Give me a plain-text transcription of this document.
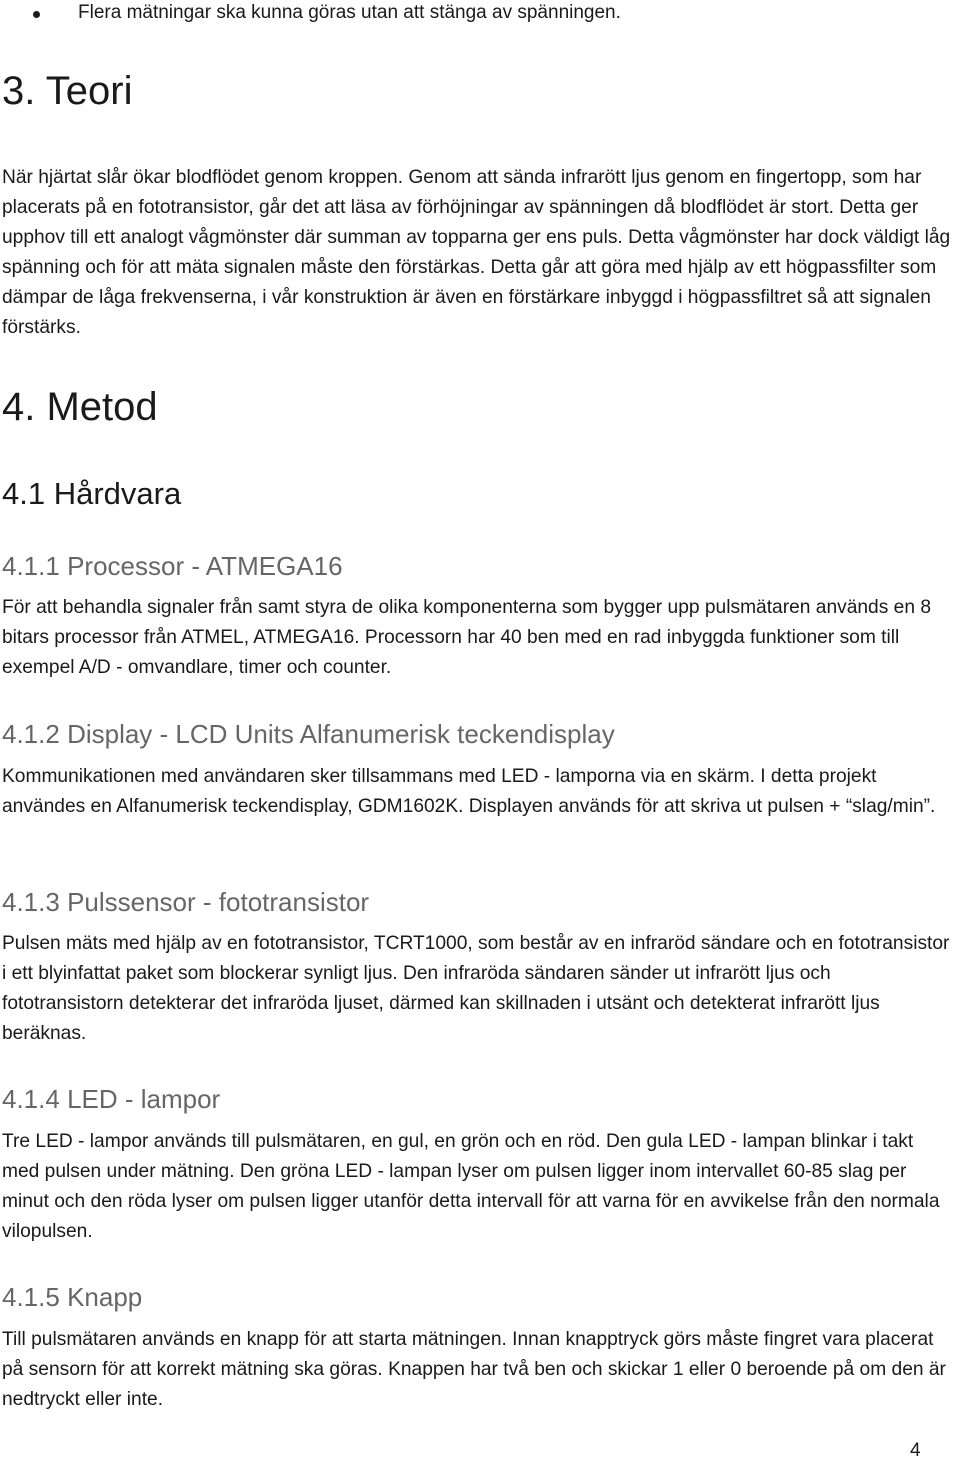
Flera mätningar ska kunna göras utan att stänga av spänningen.
3. Teori

När hjärtat slår ökar blodflödet genom kroppen. Genom att sända infrarött ljus genom en fingertopp, som har placerats på en fototransistor, går det att läsa av förhöjningar av spänningen då blodflödet är stort. Detta ger upphov till ett analogt vågmönster där summan av topparna ger ens puls. Detta vågmönster har dock väldigt låg spänning och för att mäta signalen måste den förstärkas. Detta går att göra med hjälp av ett högpassfilter som dämpar de låga frekvenserna, i vår konstruktion är även en förstärkare inbyggd i högpassfiltret så att signalen förstärks.

4. Metod
4.1 Hårdvara
4.1.1 Processor - ATMEGA16

För att behandla signaler från samt styra de olika komponenterna som bygger upp pulsmätaren används en 8 bitars processor från ATMEL, ATMEGA16. Processorn har 40 ben med en rad inbyggda funktioner som till exempel A/D - omvandlare, timer och counter.

4.1.2 Display - LCD Units Alfanumerisk teckendisplay

Kommunikationen med användaren sker tillsammans med LED - lamporna via en skärm. I detta projekt användes en Alfanumerisk teckendisplay, GDM1602K. Displayen används för att skriva ut pulsen + “slag/min”.

4.1.3 Pulssensor - fototransistor

Pulsen mäts med hjälp av en fototransistor, TCRT1000, som består av en infraröd sändare och en fototransistor i ett blyinfattat paket som blockerar synligt ljus. Den infraröda sändaren sänder ut infrarött ljus och fototransistorn detekterar det infraröda ljuset, därmed kan skillnaden i utsänt och detekterat infrarött ljus beräknas.

4.1.4 LED - lampor

Tre LED - lampor används till pulsmätaren, en gul, en grön och en röd. Den gula LED - lampan blinkar i takt med pulsen under mätning. Den gröna LED - lampan lyser om pulsen ligger inom intervallet 60-85 slag per minut och den röda lyser om pulsen ligger utanför detta intervall för att varna för en avvikelse från den normala vilopulsen.

4.1.5 Knapp

Till pulsmätaren används en knapp för att starta mätningen. Innan knapptryck görs måste fingret vara placerat på sensorn för att korrekt mätning ska göras. Knappen har två ben och skickar 1 eller 0 beroende på om den är nedtryckt eller inte.

4
